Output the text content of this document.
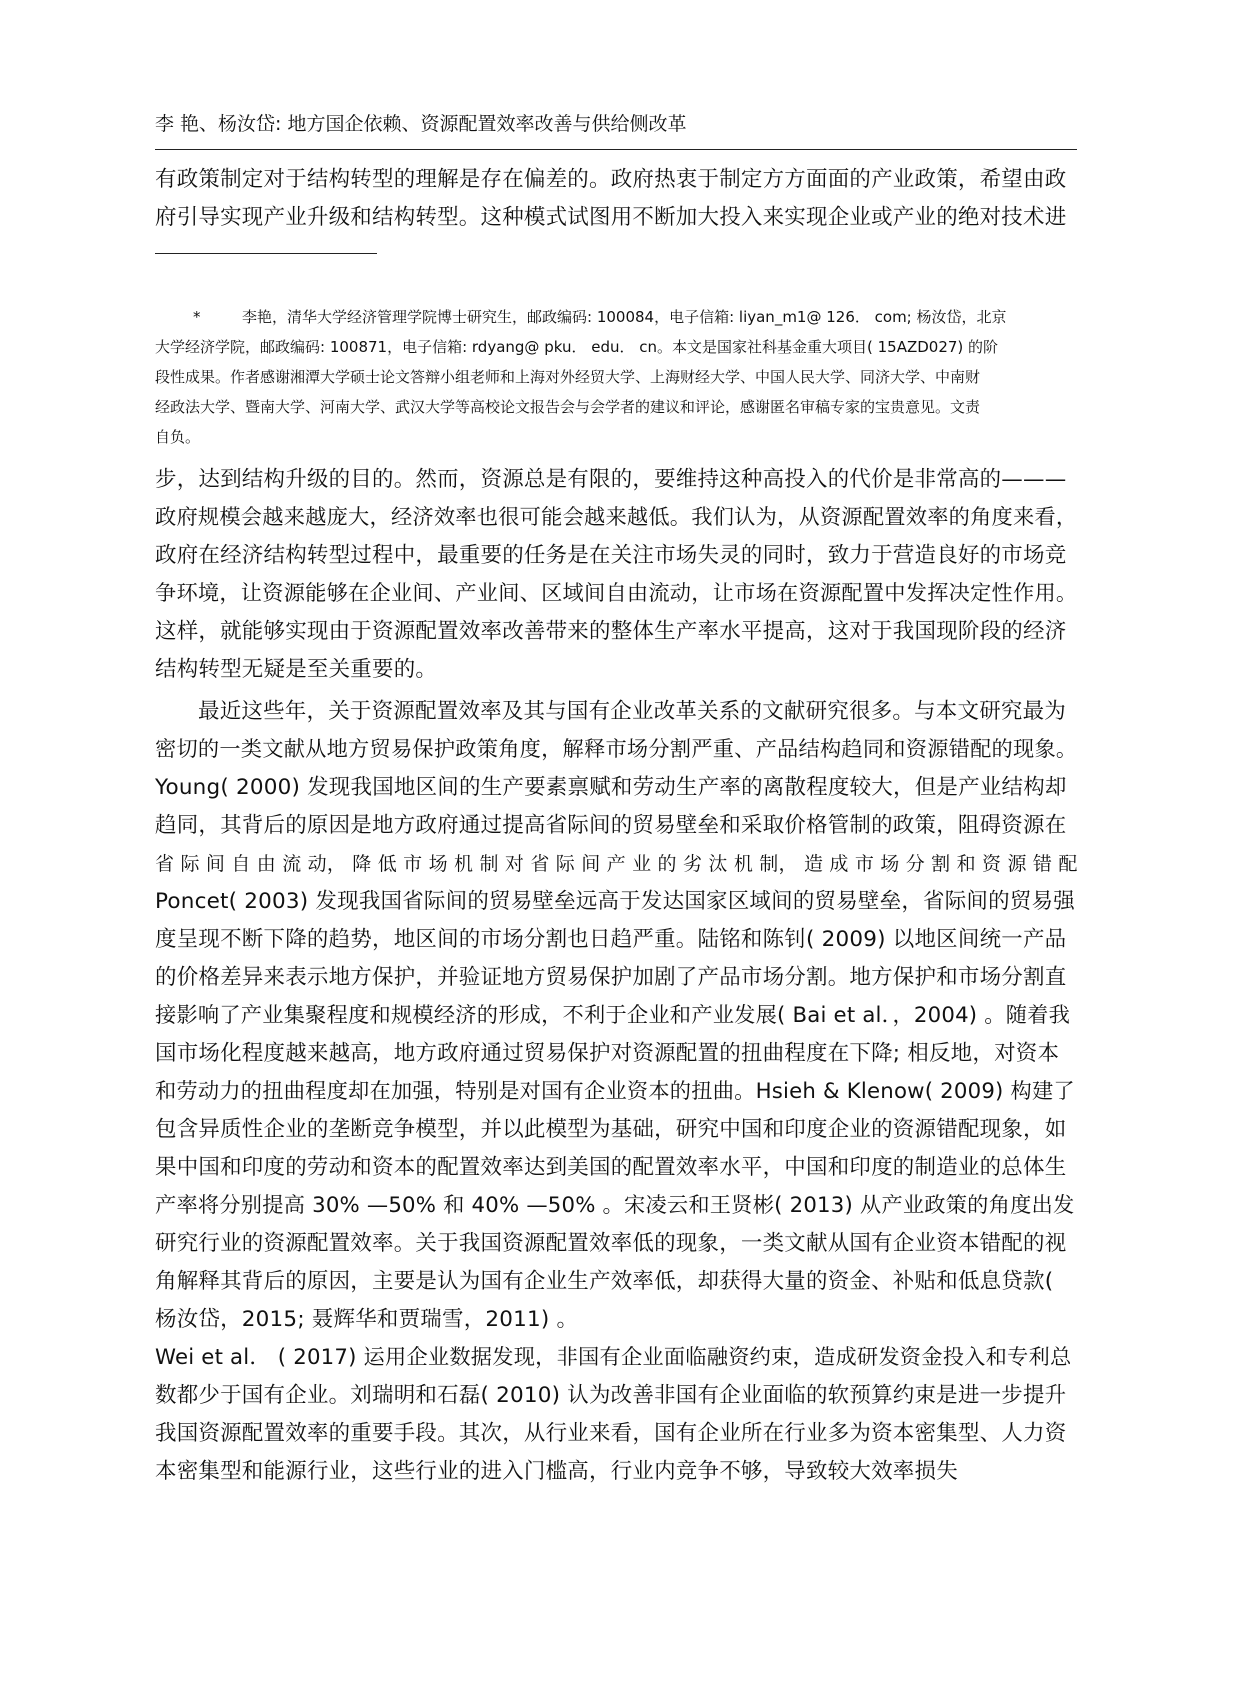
李 艳、杨汝岱: 地方国企依赖、资源配置效率改善与供给侧改革
有政策制定对于结构转型的理解是存在偏差的。政府热衷于制定方方面面的产业政策，希望由政
府引导实现产业升级和结构转型。这种模式试图用不断加大投入来实现企业或产业的绝对技术进
*	李艳，清华大学经济管理学院博士研究生，邮政编码: 100084，电子信箱: liyan_m1@ 126． com; 杨汝岱，北京
大学经济学院，邮政编码: 100871，电子信箱: rdyang@ pku． edu． cn。本文是国家社科基金重大项目( 15AZD027) 的阶
段性成果。作者感谢湘潭大学硕士论文答辩小组老师和上海对外经贸大学、上海财经大学、中国人民大学、同济大学、中南财
经政法大学、暨南大学、河南大学、武汉大学等高校论文报告会与会学者的建议和评论，感谢匿名审稿专家的宝贵意见。文责
自负。
步，达到结构升级的目的。然而，资源总是有限的，要维持这种高投入的代价是非常高的———
政府规模会越来越庞大，经济效率也很可能会越来越低。我们认为，从资源配置效率的角度来看，
政府在经济结构转型过程中，最重要的任务是在关注市场失灵的同时，致力于营造良好的市场竞
争环境，让资源能够在企业间、产业间、区域间自由流动，让市场在资源配置中发挥决定性作用。
这样，就能够实现由于资源配置效率改善带来的整体生产率水平提高，这对于我国现阶段的经济
结构转型无疑是至关重要的。
最近这些年，关于资源配置效率及其与国有企业改革关系的文献研究很多。与本文研究最为
密切的一类文献从地方贸易保护政策角度，解释市场分割严重、产品结构趋同和资源错配的现象。
Young( 2000) 发现我国地区间的生产要素禀赋和劳动生产率的离散程度较大，但是产业结构却
趋同，其背后的原因是地方政府通过提高省际间的贸易壁垒和采取价格管制的政策，阻碍资源在
省 际 间 自 由 流 动， 降 低 市 场 机 制 对 省 际 间 产 业 的 劣 汰 机 制， 造 成 市 场 分 割 和 资 源 错 配
Poncet( 2003) 发现我国省际间的贸易壁垒远高于发达国家区域间的贸易壁垒，省际间的贸易强
度呈现不断下降的趋势，地区间的市场分割也日趋严重。陆铭和陈钊( 2009) 以地区间统一产品
的价格差异来表示地方保护，并验证地方贸易保护加剧了产品市场分割。地方保护和市场分割直
接影响了产业集聚程度和规模经济的形成，不利于企业和产业发展( Bai et al．，2004) 。随着我
国市场化程度越来越高，地方政府通过贸易保护对资源配置的扭曲程度在下降; 相反地，对资本
和劳动力的扭曲程度却在加强，特别是对国有企业资本的扭曲。Hsieh & Klenow( 2009) 构建了
包含异质性企业的垄断竞争模型，并以此模型为基础，研究中国和印度企业的资源错配现象，如
果中国和印度的劳动和资本的配置效率达到美国的配置效率水平，中国和印度的制造业的总体生
产率将分别提高 30% —50% 和 40% —50% 。宋凌云和王贤彬( 2013) 从产业政策的角度出发
研究行业的资源配置效率。关于我国资源配置效率低的现象，一类文献从国有企业资本错配的视
角解释其背后的原因，主要是认为国有企业生产效率低，却获得大量的资金、补贴和低息贷款(
杨汝岱，2015; 聂辉华和贾瑞雪，2011) 。
Wei et al． ( 2017) 运用企业数据发现，非国有企业面临融资约束，造成研发资金投入和专利总
数都少于国有企业。刘瑞明和石磊( 2010) 认为改善非国有企业面临的软预算约束是进一步提升
我国资源配置效率的重要手段。其次，从行业来看，国有企业所在行业多为资本密集型、人力资
本密集型和能源行业，这些行业的进入门槛高，行业内竞争不够，导致较大效率损失
